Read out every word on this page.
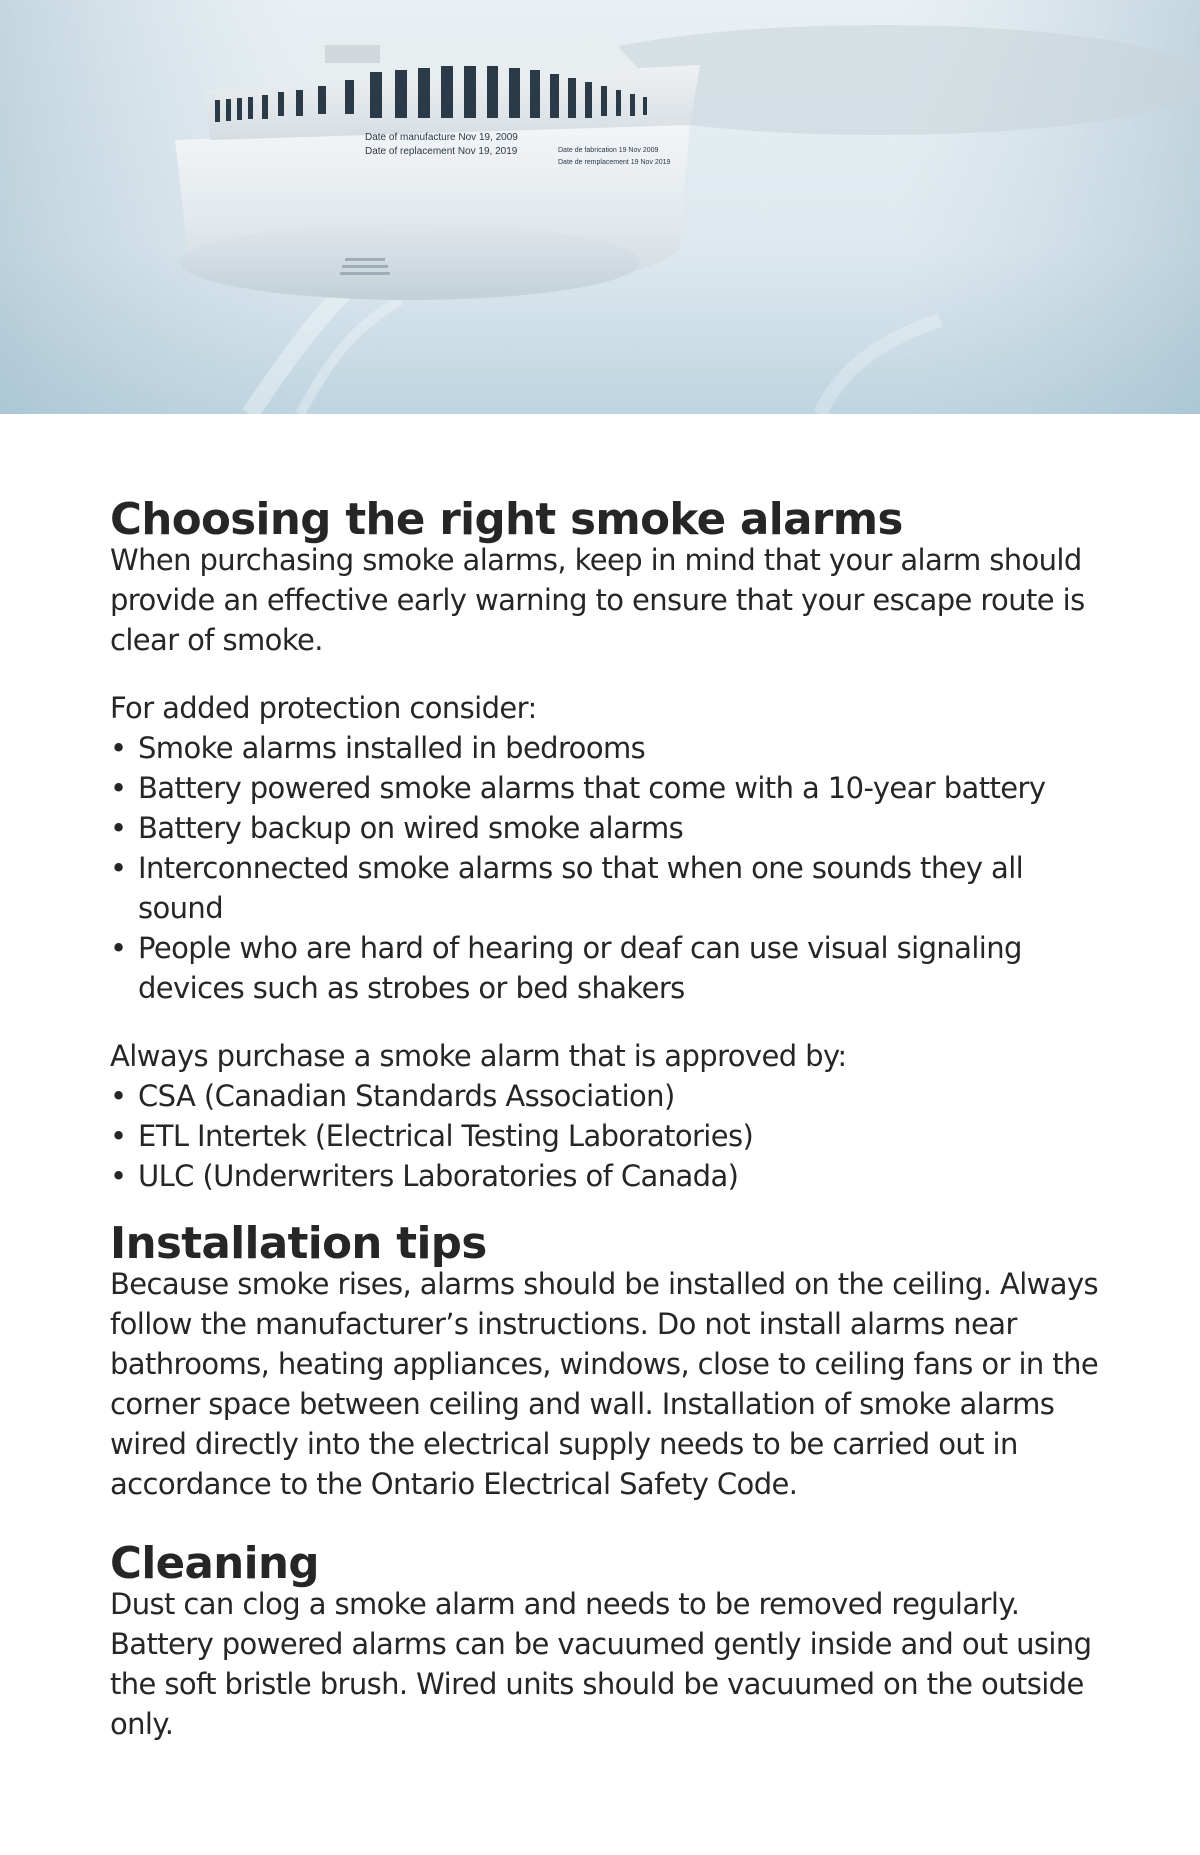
Date of manufacture Nov 19, 2009
Date of replacement Nov 19, 2019	Date de fabrication 19 Nov 2009
Date de remplacement 19 Nov 2019
Choosing the right smoke alarms

When purchasing smoke alarms, keep in mind that your alarm should provide an effective early warning to ensure that your escape route is clear of smoke.

For added protection consider:

• Smoke alarms installed in bedrooms
• Battery powered smoke alarms that come with a 10-year battery
• Battery backup on wired smoke alarms
• Interconnected smoke alarms so that when one sounds they all sound
• People who are hard of hearing or deaf can use visual signaling devices such as strobes or bed shakers

Always purchase a smoke alarm that is approved by:

• CSA (Canadian Standards Association)
• ETL Intertek (Electrical Testing Laboratories)
• ULC (Underwriters Laboratories of Canada)
Installation tips

Because smoke rises, alarms should be installed on the ceiling. Always follow the manufacturer’s instructions. Do not install alarms near bathrooms, heating appliances, windows, close to ceiling fans or in the corner space between ceiling and wall. Installation of smoke alarms wired directly into the electrical supply needs to be carried out in accordance to the Ontario Electrical Safety Code.

Cleaning

Dust can clog a smoke alarm and needs to be removed regularly. Battery powered alarms can be vacuumed gently inside and out using the soft bristle brush. Wired units should be vacuumed on the outside only.
